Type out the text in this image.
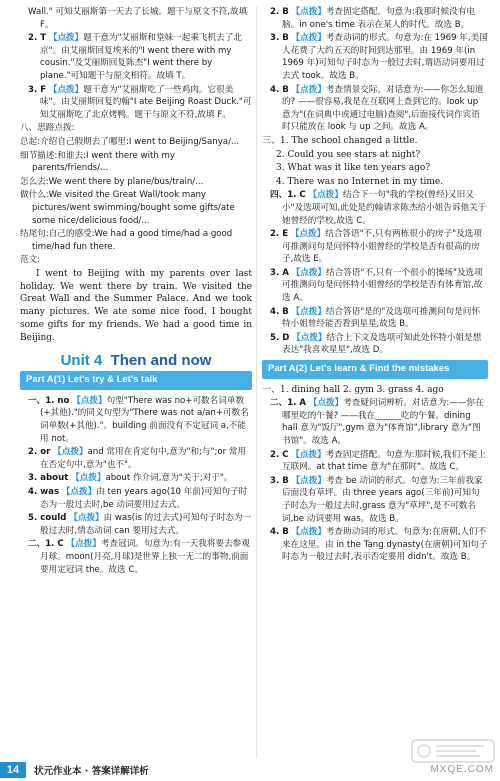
Wall." 可知艾丽斯第一天去了长城。题干与原文不符,故填 F。
2. T 【点拨】题干意为"艾丽斯和堂妹一起乘飞机去了北京"。由艾丽斯回复埃米的"I went there with my cousin."及艾丽斯回复陈杰"I went there by plane."可知题干与原文相符。故填 T。
3. F 【点拨】题干意为"艾丽斯吃了一些鸡肉。它很美味"。由艾丽斯回复约翰"I ate Beijing Roast Duck."可知艾丽斯吃了北京烤鸭。题干与原文不符,故填 F。
八、思路点拨:
总起:介绍自己假期去了哪里:I went to Beijing/Sanya/...
细节描述:和谁去:I went there with my parents/friends/...
怎么去:We went there by plane/bus/train/...
做什么:We visited the Great Wall/took many pictures/went swimming/bought some gifts/ate some nice/delicious food/...
结尾句:自己的感受:We had a good time/had a good time/had fun there.
范文:
I went to Beijing with my parents over last holiday. We went there by train. We visited the Great Wall and the Summer Palace. And we took many pictures. We ate some nice food. I bought some gifts for my friends. We had a good time in Beijing.
Unit 4 Then and now
Part A(1) Let's try & Let's talk
一、1. no 【点拨】句型"There was no+可数名词单数(+其他)."的同义句型为"There was not a/an+可数名词单数(+其他)."。building 前面没有不定冠词 a,不能用 not。
2. or 【点拨】and 常用在肯定句中,意为"和;与";or 常用在否定句中,意为"也不"。
3. about 【点拨】about 作介词,意为"关于;对于"。
4. was 【点拨】由 ten years ago(10 年前)可知句子时态为一般过去时,be 动词要用过去式。
5. could 【点拨】由 was(is 的过去式)可知句子时态为一般过去时,情态动词 can 要用过去式。
二、1. C 【点拨】考查冠词。句意为:有一天我将要去参观月球。moon(月亮,月球)是世界上独一无二的事物,前面要用定冠词 the。故选 C。
2. B 【点拨】考查固定搭配。句意为:我那时候没有电脑。in one's time 表示在某人的时代。故选 B。
3. B 【点拨】考查动词的形式。句意为:在 1969 年,美国人花费了大约五天的时间到达那里。由 1969 年(in 1969 年)可知句子时态为一般过去时,谓语动词要用过去式 took。故选 B。
4. B 【点拨】考查情景交际。对话意为:——你怎么知道的? ——很容易,我是在互联网上查到它的。look up 意为"(在词典中或通过电脑)查阅",后面接代词作宾语时只能放在 look 与 up 之间。故选 A。
三、1. The school changed a little.
2. Could you see stars at night?
3. What was it like ten years ago?
4. There was no Internet in my time.
四、1. C 【点拨】结合下一句"我的学校(曾经)又旧又小"及选项可知,此处是约翰请求陈杰给小姐告诉他关于她曾经的学校,故选 C。
2. E 【点拨】结合答语"不,只有两栋很小的房子"及选项可推测问句是问怀特小姐曾经的学校是否有很高的房子,故选 E。
3. A 【点拨】结合答语"不,只有一个很小的操场"及选项可推测问句是问怀特小姐曾经的学校是否有体育馆,故选 A。
4. B 【点拨】结合答语"是的"及选项可推测问句是问怀特小姐曾经能否看到星星,故选 B。
5. D 【点拨】结合上下文及选项可知此处怀特小姐是想表达"我喜欢星星",故选 D。
Part A(2) Let's learn & Find the mistakes
一、1. dining hall 2. gym 3. grass 4. ago
二、1. A 【点拨】考查疑问词辨析。对话意为:——你在哪里吃的午餐? ——我在______吃的午餐。dining hall 意为"饭厅",gym 意为"体育馆",library 意为"图书馆"。故选 A。
2. C 【点拨】考查固定搭配。句意为:那时候,我们不能上互联网。at that time 意为"在那时"。故选 C。
3. B 【点拨】考查 be 动词的形式。句意为:三年前我家后面没有草坪。由 three years ago(三年前)可知句子时态为一般过去时,grass 意为"草坪",是不可数名词,be 动词要用 was。故选 B。
4. B 【点拨】考查助动词的形式。句意为:在唐朝,人们不来在这里。由 in the Tang dynasty(在唐朝)可知句子时态为一般过去时,表示否定要用 didn't。故选 B。
MXQE.COM
14	状元作业本 · 答案详解详析
